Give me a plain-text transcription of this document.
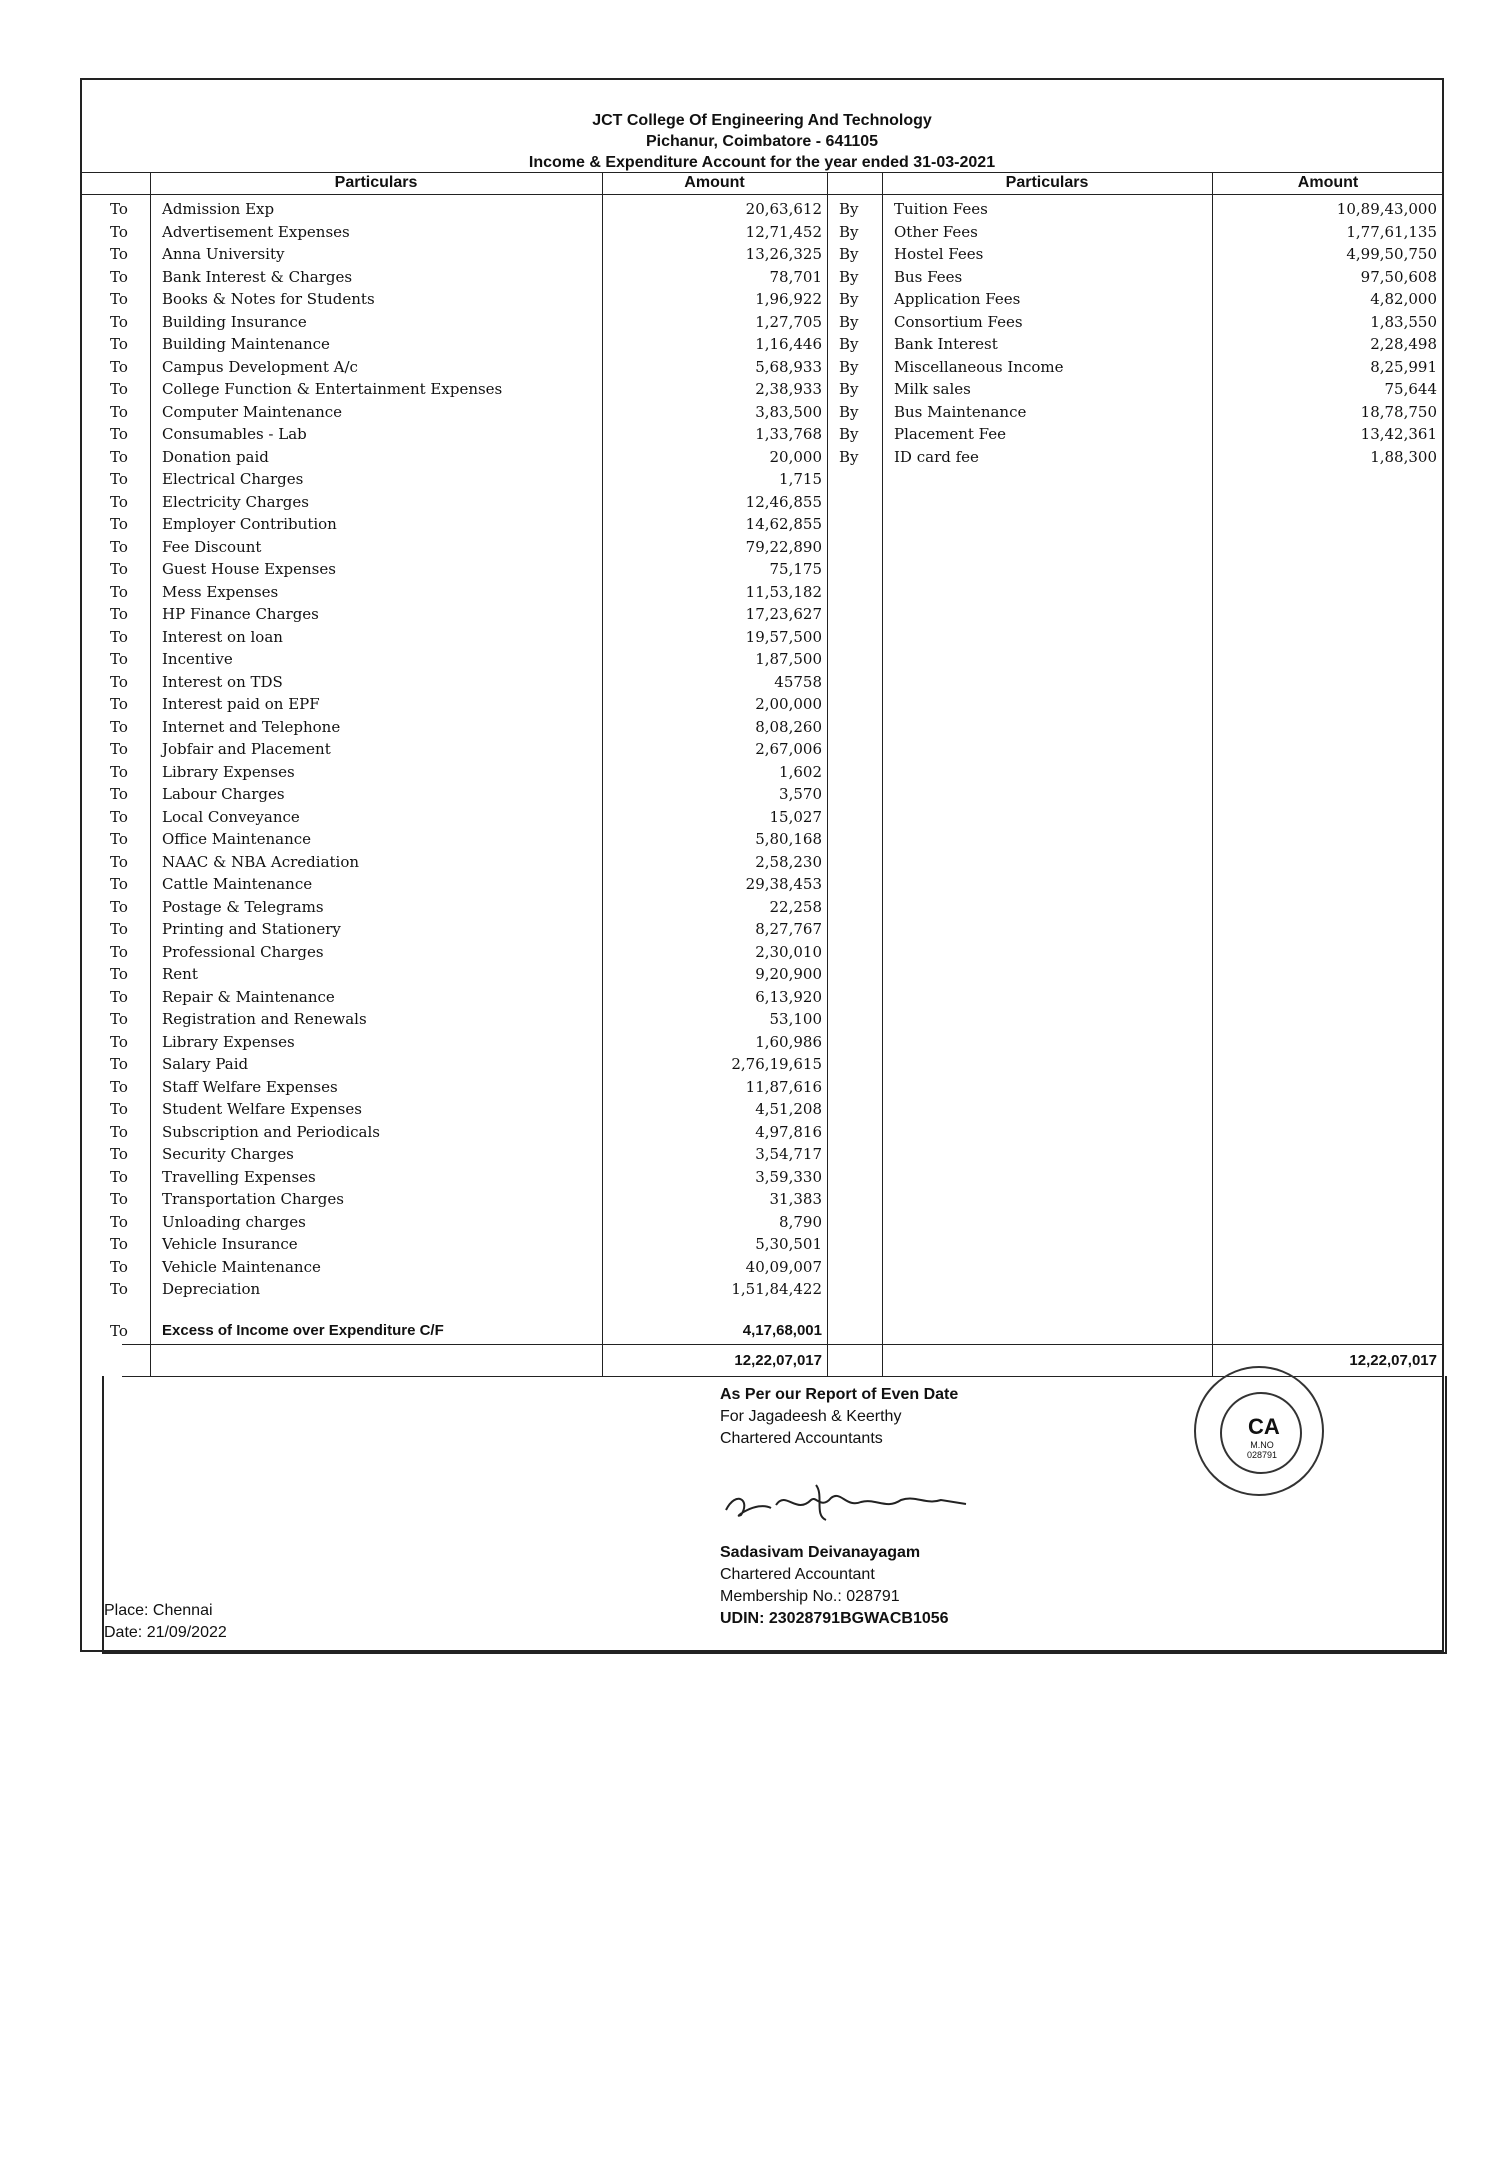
JCT College Of Engineering And Technology
Pichanur, Coimbatore - 641105
Income & Expenditure Account for the year ended 31-03-2021
Particulars	Amount	Particulars	Amount
To	Admission Exp	20,63,612 By	Tuition Fees	10,89,43,000
To	Advertisement Expenses	12,71,452 By	Other Fees	1,77,61,135
To	Anna University	13,26,325 By	Hostel Fees	4,99,50,750
To	Bank Interest & Charges	78,701 By	Bus Fees	97,50,608
To	Books & Notes for Students	1,96,922 By	Application Fees	4,82,000
To	Building Insurance	1,27,705 By	Consortium Fees	1,83,550
To	Building Maintenance	1,16,446 By	Bank Interest	2,28,498
To	Campus Development A/c	5,68,933 By	Miscellaneous Income	8,25,991
To	College Function & Entertainment Expenses	2,38,933 By	Milk sales	75,644
To	Computer Maintenance	3,83,500 By	Bus Maintenance	18,78,750
To	Consumables - Lab	1,33,768 By	Placement Fee	13,42,361
To	Donation paid	20,000 By	ID card fee	1,88,300
To	Electrical Charges	1,715
To	Electricity Charges	12,46,855
To	Employer Contribution	14,62,855
To	Fee Discount	79,22,890
To	Guest House Expenses	75,175
To	Mess Expenses	11,53,182
To	HP Finance Charges	17,23,627
To	Interest on loan	19,57,500
To	Incentive	1,87,500
To	Interest on TDS	45758
To	Interest paid on EPF	2,00,000
To	Internet and Telephone	8,08,260
To	Jobfair and Placement	2,67,006
To	Library Expenses	1,602
To	Labour Charges	3,570
To	Local Conveyance	15,027
To	Office Maintenance	5,80,168
To	NAAC & NBA Acrediation	2,58,230
To	Cattle Maintenance	29,38,453
To	Postage & Telegrams	22,258
To	Printing and Stationery	8,27,767
To	Professional Charges	2,30,010
To	Rent	9,20,900
To	Repair & Maintenance	6,13,920
To	Registration and Renewals	53,100
To	Library Expenses	1,60,986
To	Salary Paid	2,76,19,615
To	Staff Welfare Expenses	11,87,616
To	Student Welfare Expenses	4,51,208
To	Subscription and Periodicals	4,97,816
To	Security Charges	3,54,717
To	Travelling Expenses	3,59,330
To	Transportation Charges	31,383
To	Unloading charges	8,790
To	Vehicle Insurance	5,30,501
To	Vehicle Maintenance	40,09,007
To	Depreciation	1,51,84,422
To	Excess of Income over Expenditure C/F	4,17,68,001
12,22,07,017	12,22,07,017
As Per our Report of Even Date
For Jagadeesh & Keerthy
Chartered Accountants
Sadasivam Deivanayagam
Chartered Accountant
Membership No.: 028791
UDIN: 23028791BGWACB1056
Place: Chennai
Date: 21/09/2022
CA
M.NO
028791
